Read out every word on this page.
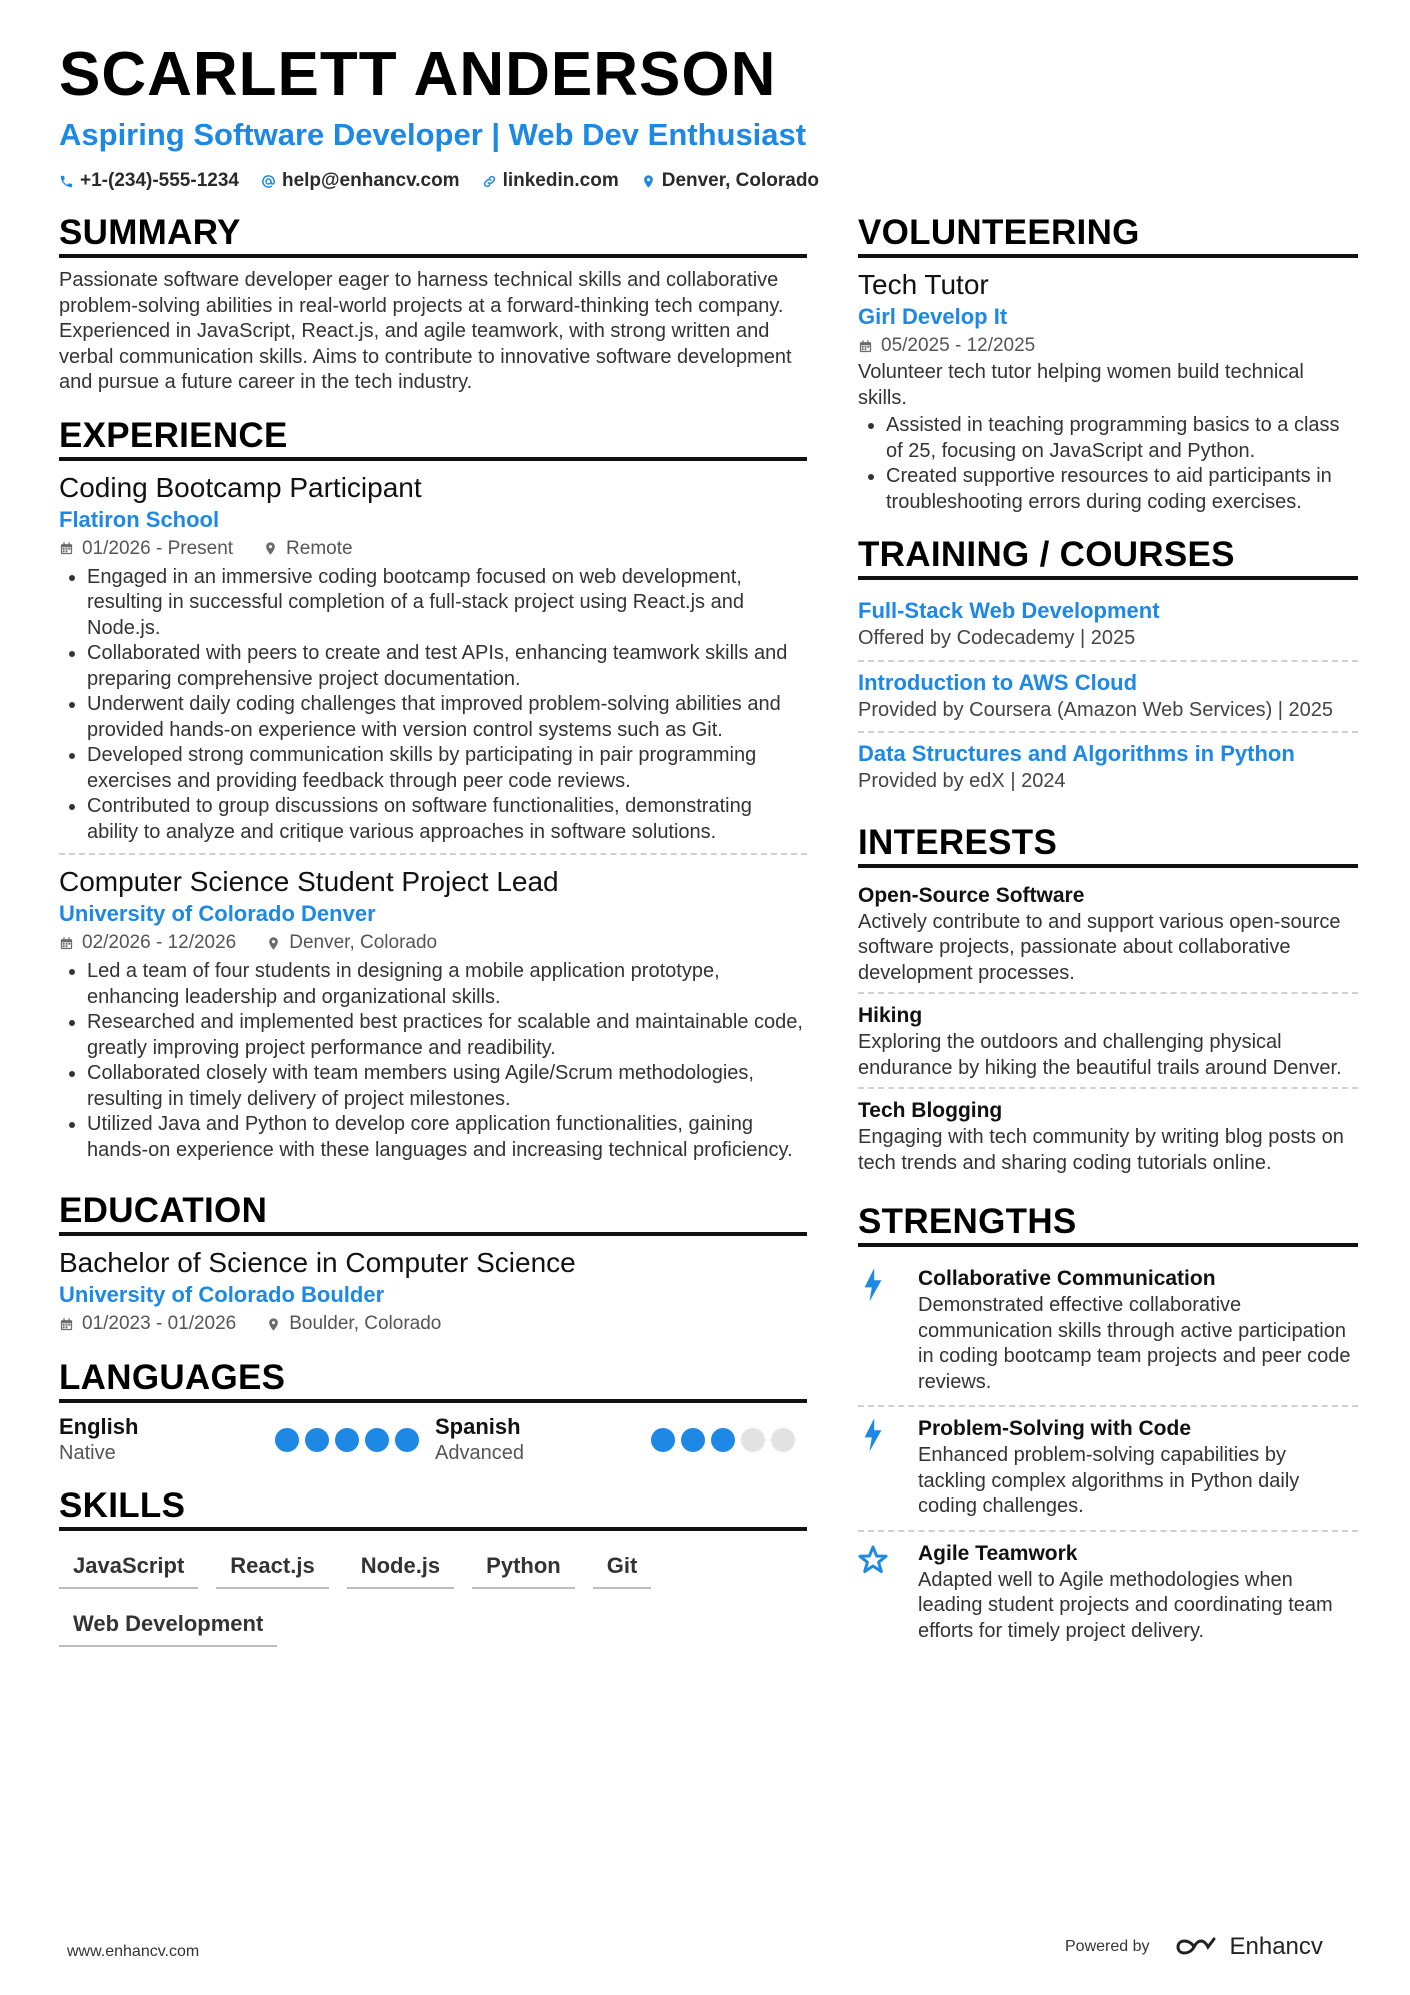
SCARLETT ANDERSON
Aspiring Software Developer | Web Dev Enthusiast
+1-(234)-555-1234 help@enhancv.com linkedin.com Denver, Colorado
SUMMARY
Passionate software developer eager to harness technical skills and collaborative problem-solving abilities in real-world projects at a forward-thinking tech company. Experienced in JavaScript, React.js, and agile teamwork, with strong written and verbal communication skills. Aims to contribute to innovative software development and pursue a future career in the tech industry.
EXPERIENCE
Coding Bootcamp Participant
Flatiron School
01/2026 - Present	Remote
• Engaged in an immersive coding bootcamp focused on web development, resulting in successful completion of a full-stack project using React.js and Node.js.
• Collaborated with peers to create and test APIs, enhancing teamwork skills and preparing comprehensive project documentation.
• Underwent daily coding challenges that improved problem-solving abilities and provided hands-on experience with version control systems such as Git.
• Developed strong communication skills by participating in pair programming exercises and providing feedback through peer code reviews.
• Contributed to group discussions on software functionalities, demonstrating ability to analyze and critique various approaches in software solutions.
Computer Science Student Project Lead
University of Colorado Denver
02/2026 - 12/2026	Denver, Colorado
• Led a team of four students in designing a mobile application prototype, enhancing leadership and organizational skills.
• Researched and implemented best practices for scalable and maintainable code, greatly improving project performance and readibility.
• Collaborated closely with team members using Agile/Scrum methodologies, resulting in timely delivery of project milestones.
• Utilized Java and Python to develop core application functionalities, gaining hands-on experience with these languages and increasing technical proficiency.
EDUCATION
Bachelor of Science in Computer Science
University of Colorado Boulder
01/2023 - 01/2026	Boulder, Colorado
LANGUAGES
English
Native
Spanish
Advanced
SKILLS
JavaScript	React.js	Node.js	Python	Git
Web Development
VOLUNTEERING
Tech Tutor
Girl Develop It
05/2025 - 12/2025
Volunteer tech tutor helping women build technical skills.
• Assisted in teaching programming basics to a class of 25, focusing on JavaScript and Python.
• Created supportive resources to aid participants in troubleshooting errors during coding exercises.
TRAINING / COURSES
Full-Stack Web Development
Offered by Codecademy | 2025
Introduction to AWS Cloud
Provided by Coursera (Amazon Web Services) | 2025
Data Structures and Algorithms in Python
Provided by edX | 2024
INTERESTS
Open-Source Software
Actively contribute to and support various open-source software projects, passionate about collaborative development processes.
Hiking
Exploring the outdoors and challenging physical endurance by hiking the beautiful trails around Denver.
Tech Blogging
Engaging with tech community by writing blog posts on tech trends and sharing coding tutorials online.
STRENGTHS
Collaborative Communication
Demonstrated effective collaborative communication skills through active participation in coding bootcamp team projects and peer code reviews.
Problem-Solving with Code
Enhanced problem-solving capabilities by tackling complex algorithms in Python daily coding challenges.
Agile Teamwork
Adapted well to Agile methodologies when leading student projects and coordinating team efforts for timely project delivery.
www.enhancv.com	Powered by	Enhancv
